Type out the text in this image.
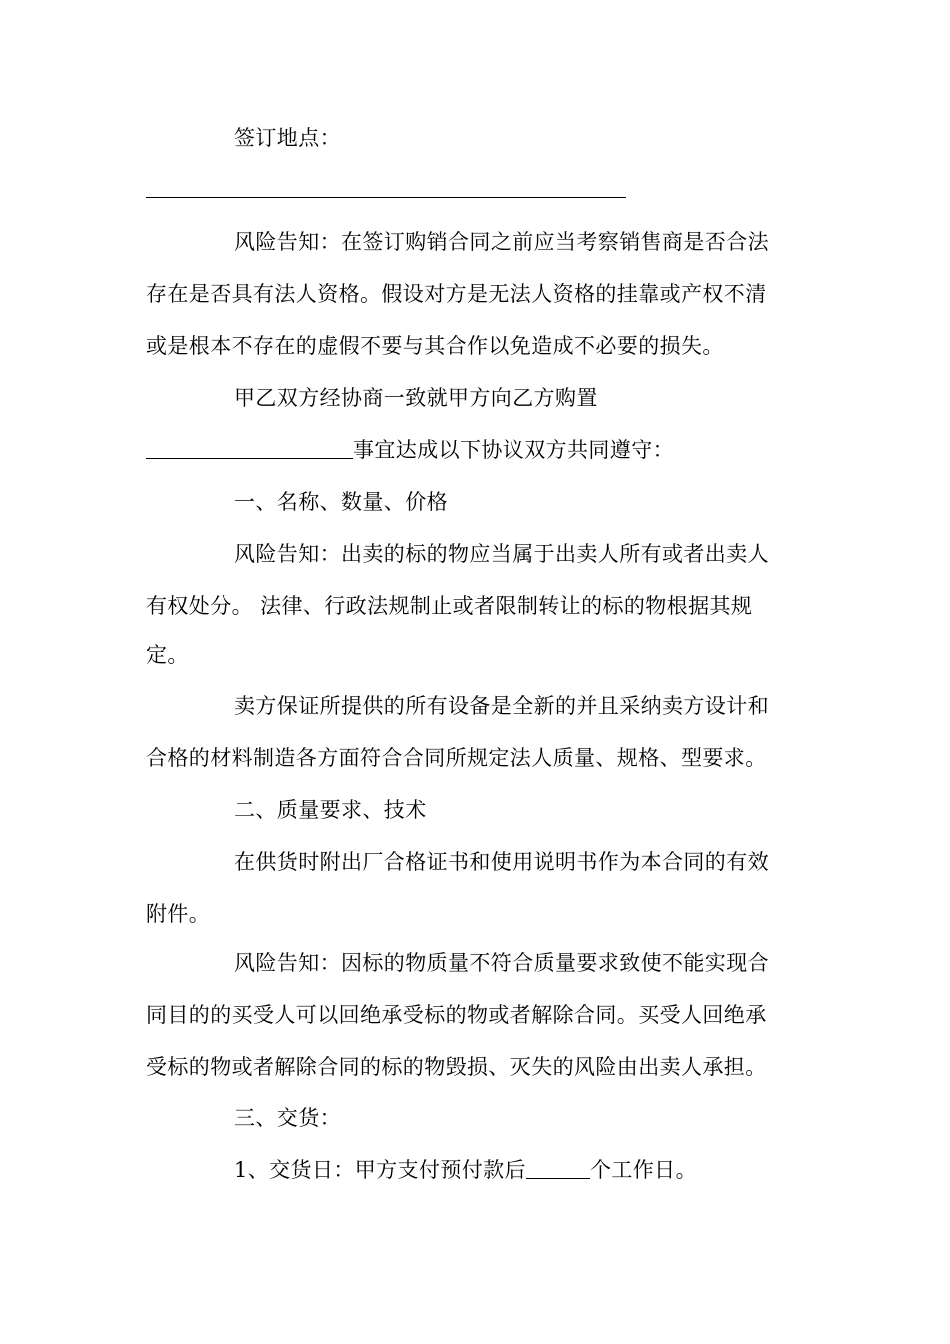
签订地点：
风险告知：在签订购销合同之前应当考察销售商是否合法
存在是否具有法人资格。假设对方是无法人资格的挂靠或产权不清
或是根本不存在的虚假不要与其合作以免造成不必要的损失。
甲乙双方经协商一致就甲方向乙方购置
事宜达成以下协议双方共同遵守：
一、名称、数量、价格
风险告知：出卖的标的物应当属于出卖人所有或者出卖人
有权处分。 法律、行政法规制止或者限制转让的标的物根据其规
定。
卖方保证所提供的所有设备是全新的并且采纳卖方设计和
合格的材料制造各方面符合合同所规定法人质量、规格、型要求。
二、质量要求、技术
在供货时附出厂合格证书和使用说明书作为本合同的有效
附件。
风险告知：因标的物质量不符合质量要求致使不能实现合
同目的的买受人可以回绝承受标的物或者解除合同。买受人回绝承
受标的物或者解除合同的标的物毁损、灭失的风险由出卖人承担。
三、交货：
1、交货日：甲方支付预付款后	个工作日。
